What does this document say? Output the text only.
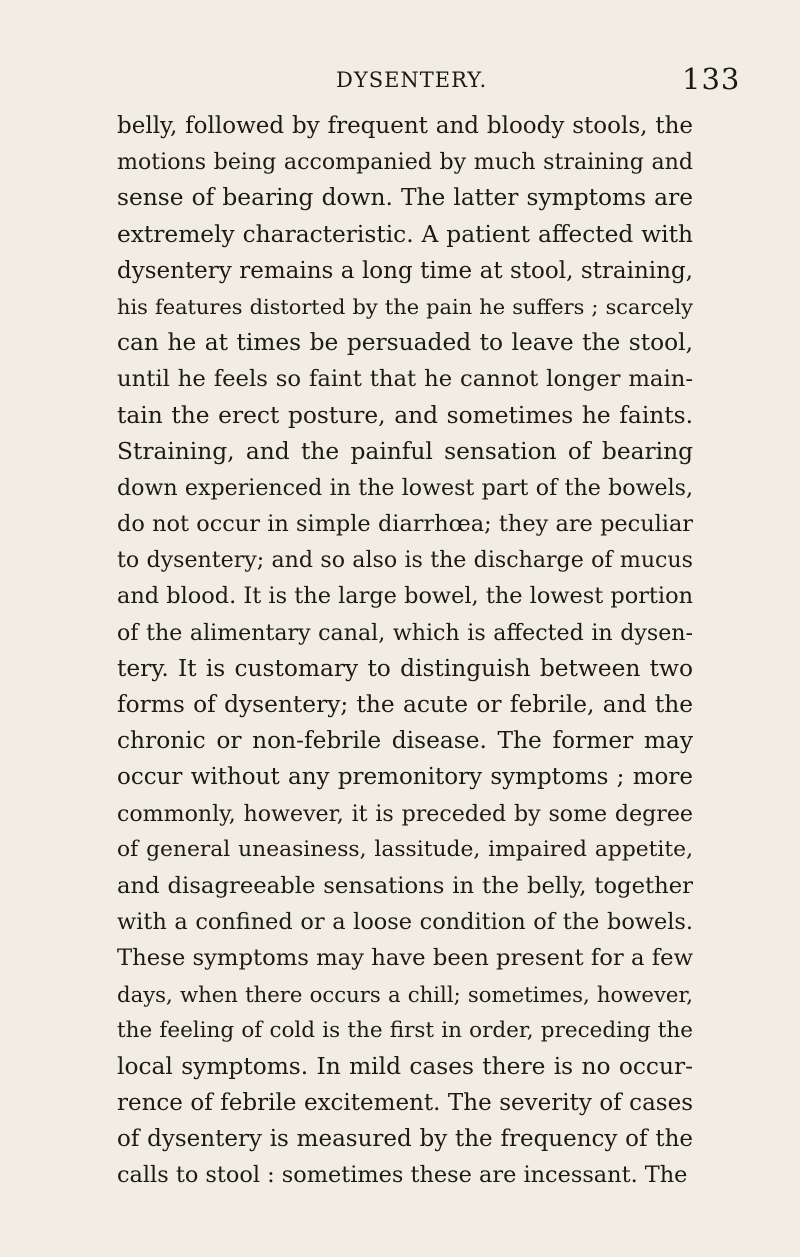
DYSENTERY.	133
belly, followed by frequent and bloody stools, the
motions being accompanied by much straining and
sense of bearing down. The latter symptoms are
extremely characteristic. A patient affected with
dysentery remains a long time at stool, straining,
his features distorted by the pain he suffers ; scarcely
can he at times be persuaded to leave the stool,
until he feels so faint that he cannot longer main-
tain the erect posture, and sometimes he faints.
Straining, and the painful sensation of bearing
down experienced in the lowest part of the bowels,
do not occur in simple diarrhœa; they are peculiar
to dysentery; and so also is the discharge of mucus
and blood. It is the large bowel, the lowest portion
of the alimentary canal, which is affected in dysen-
tery. It is customary to distinguish between two
forms of dysentery; the acute or febrile, and the
chronic or non-febrile disease. The former may
occur without any premonitory symptoms ; more
commonly, however, it is preceded by some degree
of general uneasiness, lassitude, impaired appetite,
and disagreeable sensations in the belly, together
with a confined or a loose condition of the bowels.
These symptoms may have been present for a few
days, when there occurs a chill; sometimes, however,
the feeling of cold is the first in order, preceding the
local symptoms. In mild cases there is no occur-
rence of febrile excitement. The severity of cases
of dysentery is measured by the frequency of the
calls to stool : sometimes these are incessant. The
